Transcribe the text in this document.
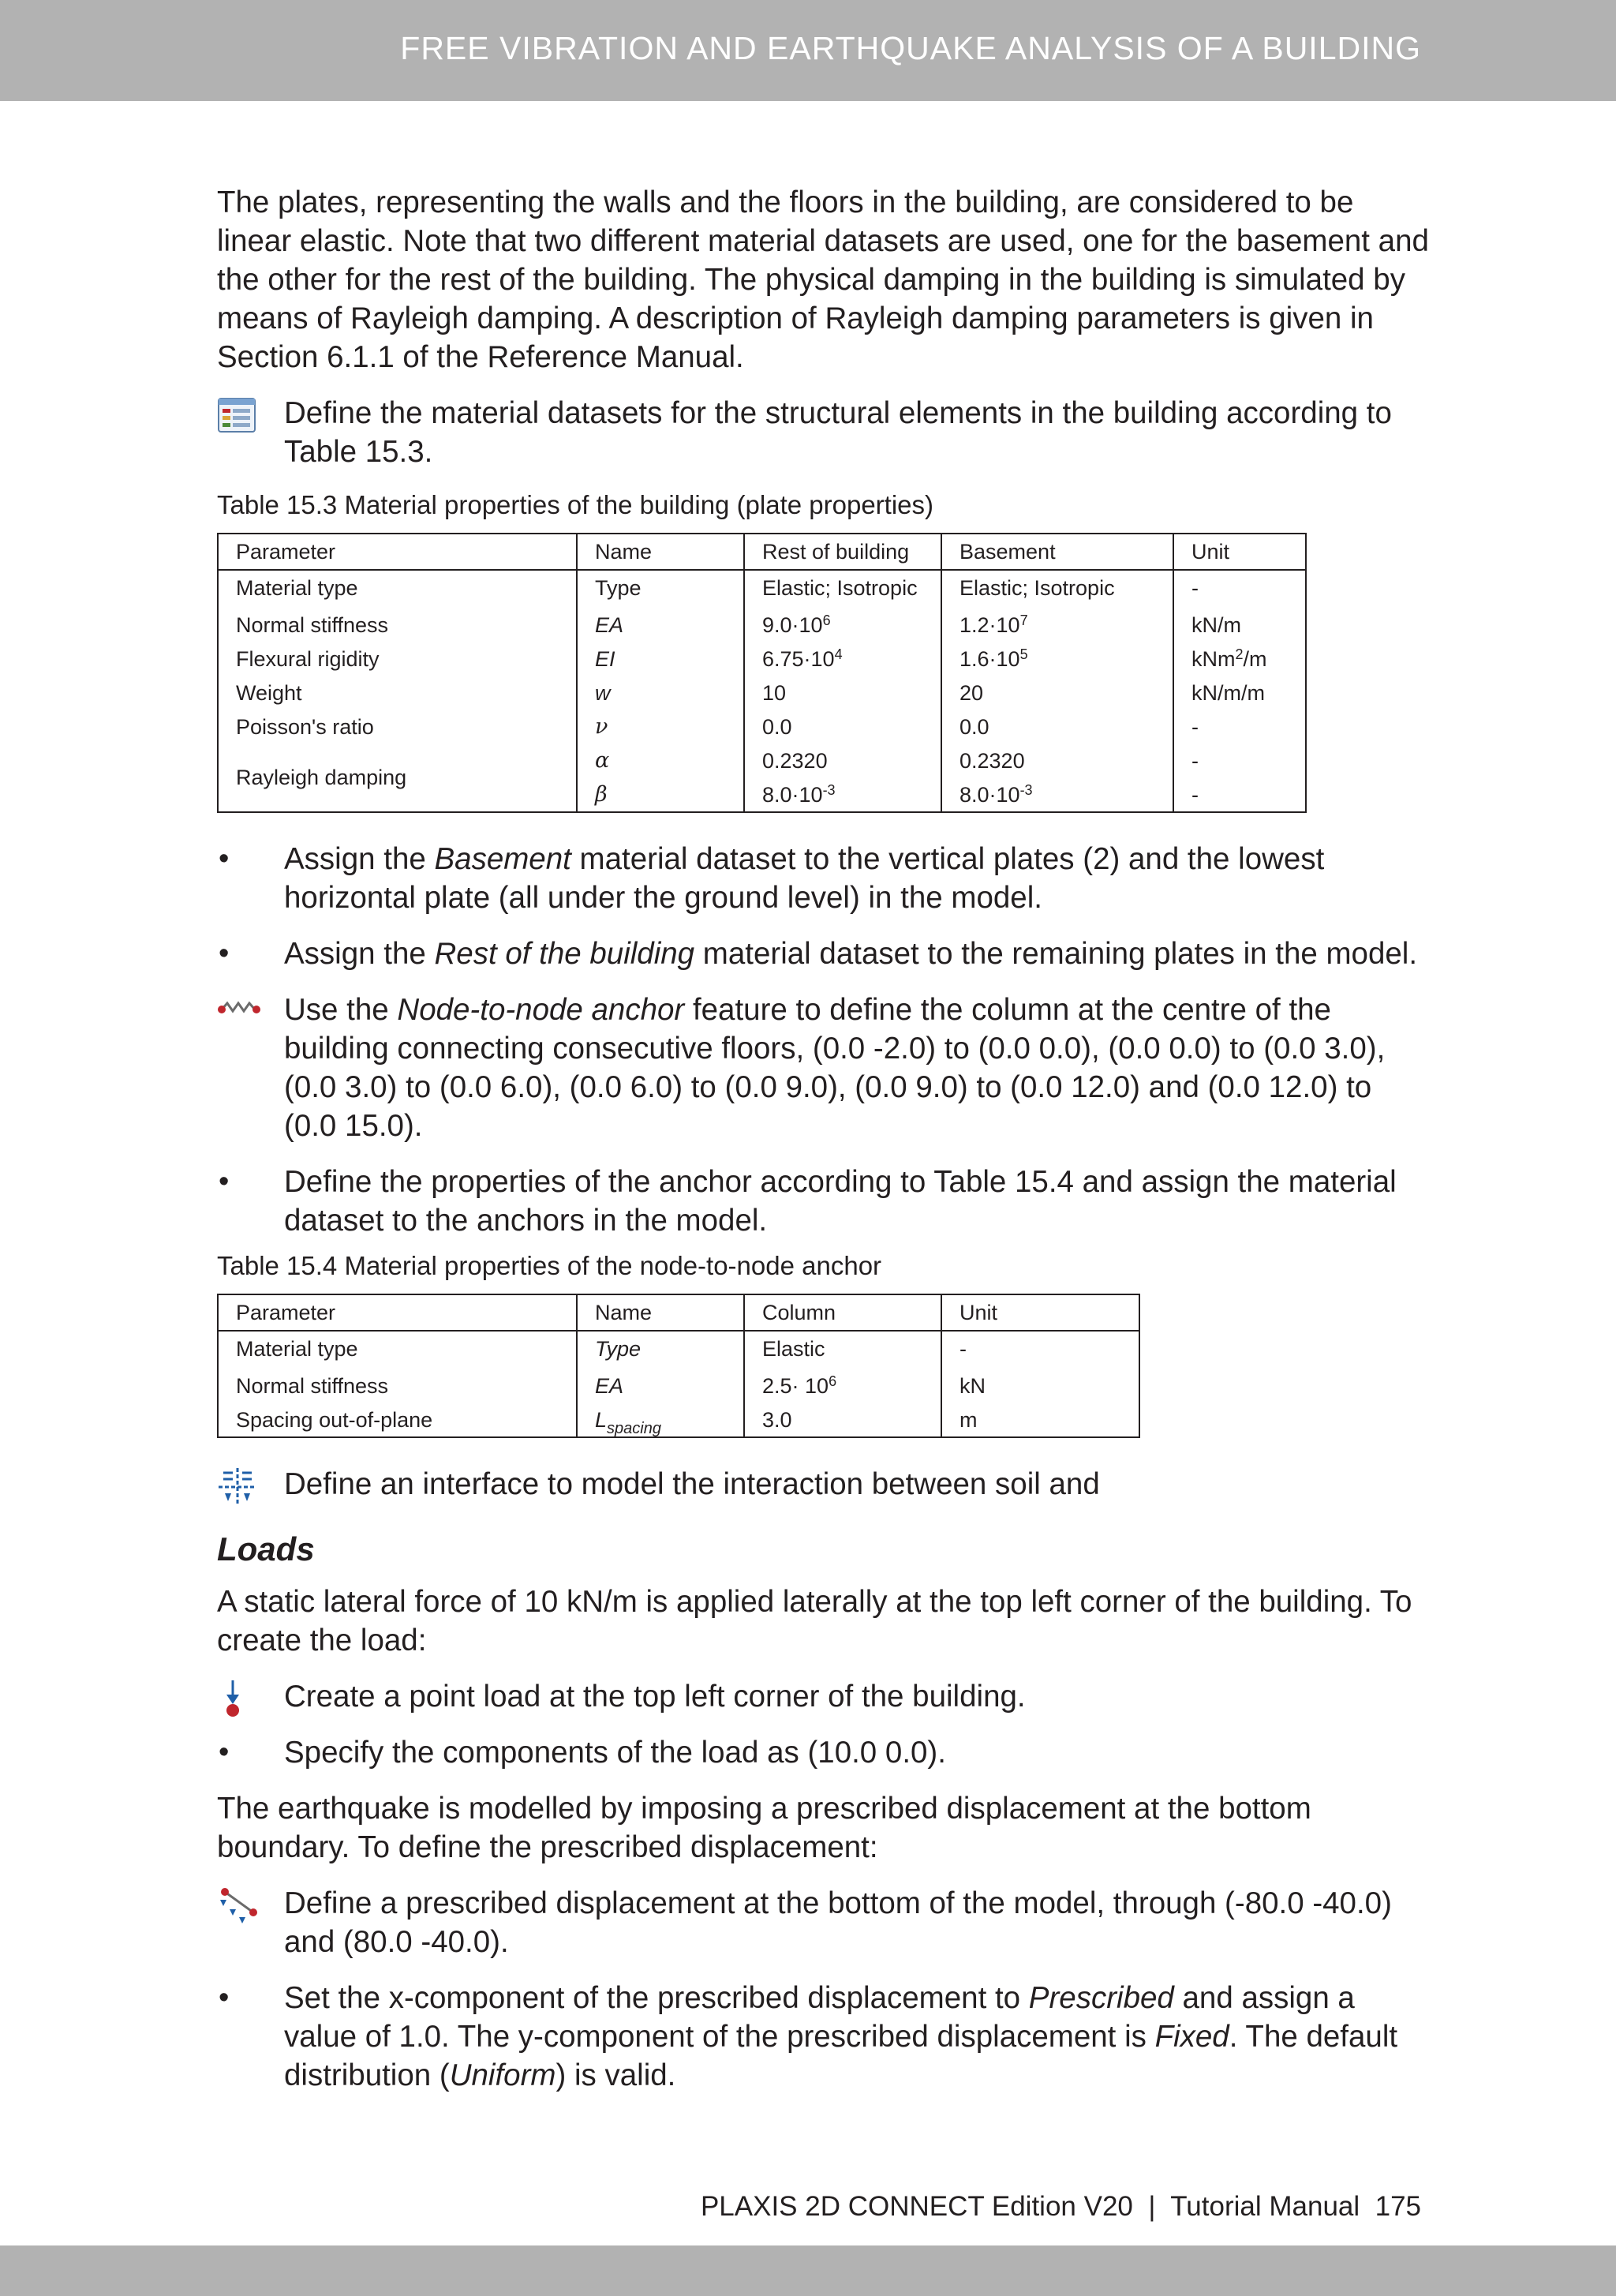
FREE VIBRATION AND EARTHQUAKE ANALYSIS OF A BUILDING

The plates, representing the walls and the floors in the building, are considered to be linear elastic. Note that two different material datasets are used, one for the basement and the other for the rest of the building. The physical damping in the building is simulated by means of Rayleigh damping. A description of Rayleigh damping parameters is given in Section 6.1.1 of the Reference Manual.

Define the material datasets for the structural elements in the building according to Table 15.3.

Table 15.3 Material properties of the building (plate properties)
Parameter	Name	Rest of building	Basement	Unit
Material type	Type	Elastic; Isotropic	Elastic; Isotropic	-
Normal stiffness	EA	$9.0\cdot 10^6$	$1.2\cdot 10^7$	kN/m
Flexural rigidity	EI	$6.75\cdot 10^4$	$1.6\cdot 10^5$	kNm$^2$/m
Weight	w	10	20	kN/m/m
Poisson's ratio	ν	0.0	0.0	-
Rayleigh damping	α	0.2320	0.2320	-
	β	$8.0\cdot 10^{-3}$	$8.0\cdot 10^{-3}$	-
• Assign the Basement material dataset to the vertical plates (2) and the lowest horizontal plate (all under the ground level) in the model.

• Assign the Rest of the building material dataset to the remaining plates in the model.

Use the Node-to-node anchor feature to define the column at the centre of the building connecting consecutive floors, (0.0 -2.0) to (0.0 0.0), (0.0 0.0) to (0.0 3.0), (0.0 3.0) to (0.0 6.0), (0.0 6.0) to (0.0 9.0), (0.0 9.0) to (0.0 12.0) and (0.0 12.0) to (0.0 15.0).

• Define the properties of the anchor according to Table 15.4 and assign the material dataset to the anchors in the model.

Table 15.4 Material properties of the node-to-node anchor
Parameter	Name	Column	Unit
Material type	Type	Elastic	-
Normal stiffness	EA	$2.5\cdot 10^6$	kN
Spacing out-of-plane	$L_{spacing}$	3.0	m

Define an interface to model the interaction between soil and

Loads

A static lateral force of 10 kN/m is applied laterally at the top left corner of the building. To create the load:

Create a point load at the top left corner of the building.

• Specify the components of the load as (10.0 0.0).

The earthquake is modelled by imposing a prescribed displacement at the bottom boundary. To define the prescribed displacement:

Define a prescribed displacement at the bottom of the model, through (-80.0 -40.0) and (80.0 -40.0).

• Set the x-component of the prescribed displacement to Prescribed and assign a value of 1.0. The y-component of the prescribed displacement is Fixed. The default distribution (Uniform) is valid.

PLAXIS 2D CONNECT Edition V20  |  Tutorial Manual  175
